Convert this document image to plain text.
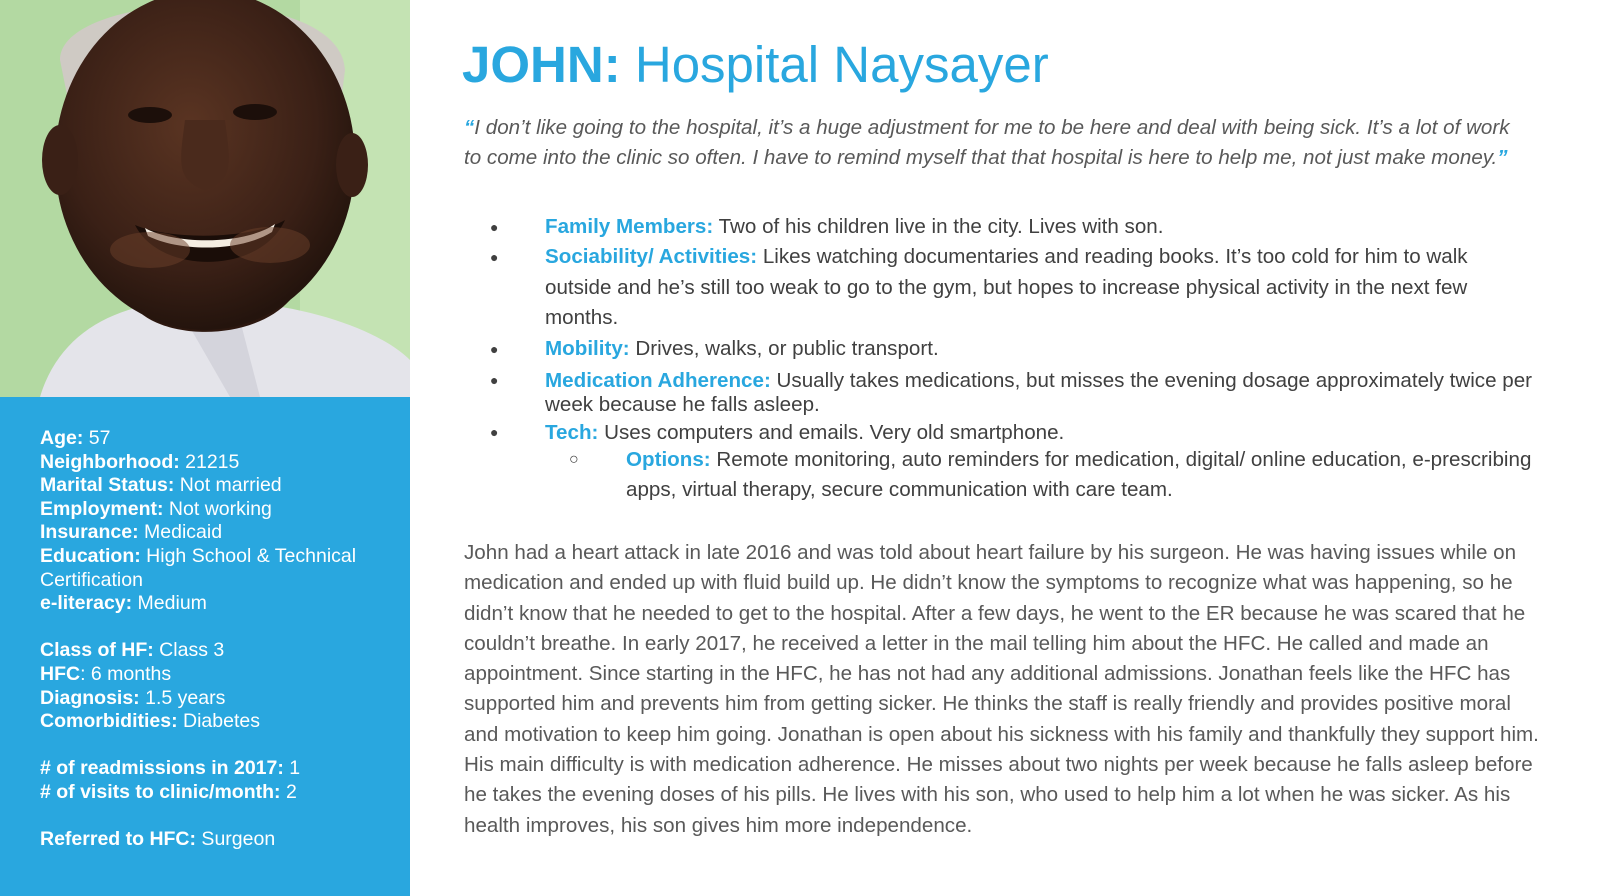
Age: 57
Neighborhood: 21215
Marital Status: Not married
Employment: Not working
Insurance: Medicaid
Education: High School & Technical Certification
e-literacy: Medium
Class of HF: Class 3
HFC: 6 months
Diagnosis: 1.5 years
Comorbidities: Diabetes
# of readmissions in 2017: 1
# of visits to clinic/month: 2
Referred to HFC: Surgeon
JOHN: Hospital Naysayer
“I don’t like going to the hospital, it’s a huge adjustment for me to be here and deal with being sick. It’s a lot of work to come into the clinic so often. I have to remind myself that that hospital is here to help me, not just make money.”
● Family Members: Two of his children live in the city. Lives with son.
● Sociability/ Activities: Likes watching documentaries and reading books. It’s too cold for him to walk outside and he’s still too weak to go to the gym, but hopes to increase physical activity in the next few months.
● Mobility: Drives, walks, or public transport.
● Medication Adherence: Usually takes medications, but misses the evening dosage approximately twice per week because he falls asleep.
● Tech: Uses computers and emails. Very old smartphone.
○ Options: Remote monitoring, auto reminders for medication, digital/ online education, e-prescribing apps, virtual therapy, secure communication with care team.
John had a heart attack in late 2016 and was told about heart failure by his surgeon. He was having issues while on medication and ended up with fluid build up. He didn’t know the symptoms to recognize what was happening, so he didn’t know that he needed to get to the hospital. After a few days, he went to the ER because he was scared that he couldn’t breathe. In early 2017, he received a letter in the mail telling him about the HFC. He called and made an appointment. Since starting in the HFC, he has not had any additional admissions. Jonathan feels like the HFC has supported him and prevents him from getting sicker. He thinks the staff is really friendly and provides positive moral and motivation to keep him going. Jonathan is open about his sickness with his family and thankfully they support him. His main difficulty is with medication adherence. He misses about two nights per week because he falls asleep before he takes the evening doses of his pills. He lives with his son, who used to help him a lot when he was sicker. As his health improves, his son gives him more independence.
